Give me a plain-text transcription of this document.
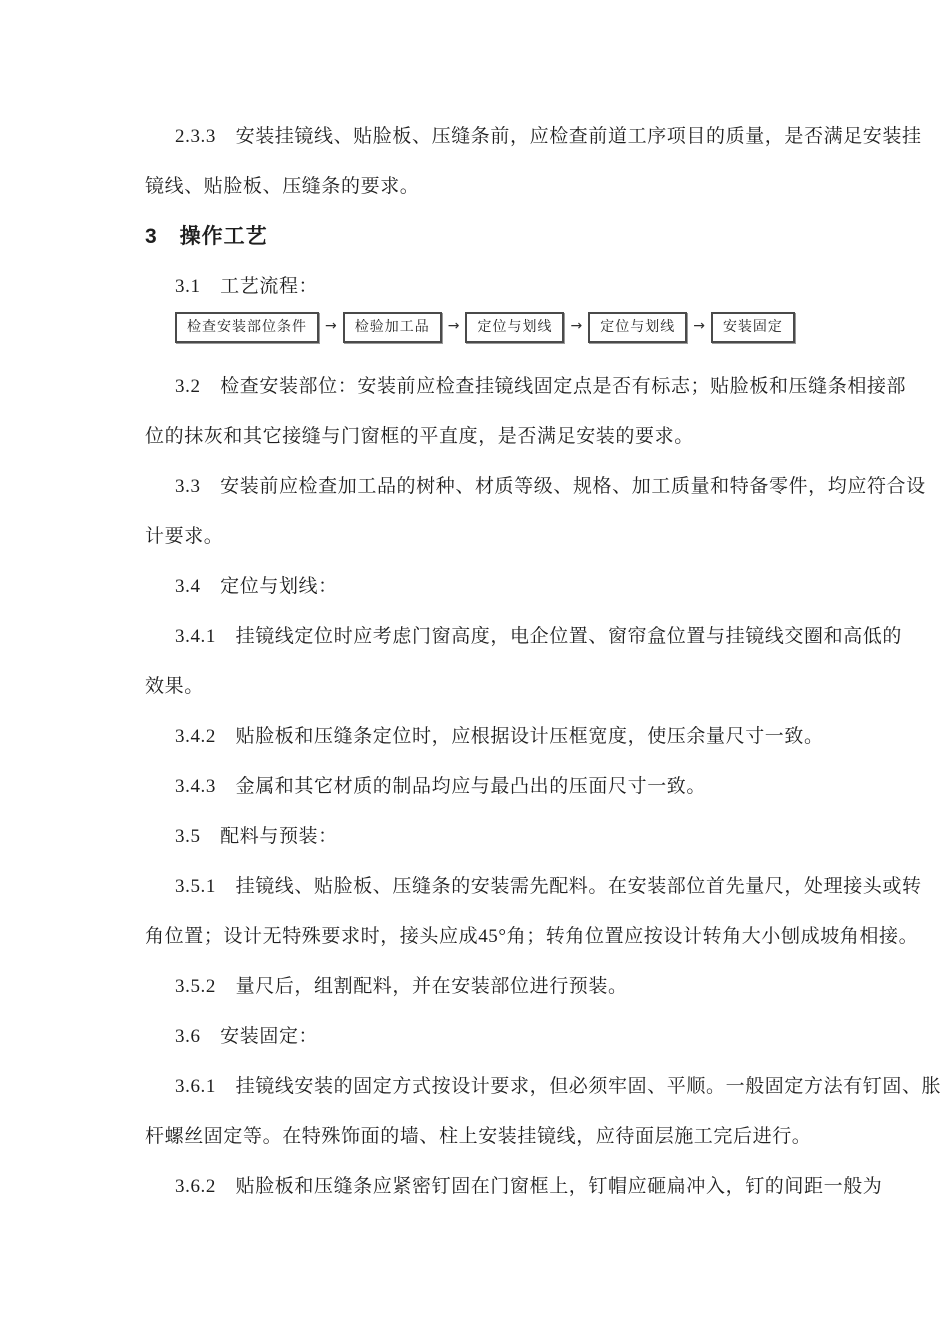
2.3.3　安装挂镜线、贴脸板、压缝条前，应检查前道工序项目的质量，是否满足安装挂
镜线、贴脸板、压缝条的要求。
3　操作工艺
3.1　工艺流程：
检查安装部位条件	→	检验加工品	→	定位与划线	→	定位与划线	→	安装固定
3.2　检查安装部位：安装前应检查挂镜线固定点是否有标志；贴脸板和压缝条相接部
位的抹灰和其它接缝与门窗框的平直度，是否满足安装的要求。
3.3　安装前应检查加工品的树种、材质等级、规格、加工质量和特备零件，均应符合设
计要求。
3.4　定位与划线：
3.4.1　挂镜线定位时应考虑门窗高度，电企位置、窗帘盒位置与挂镜线交圈和高低的
效果。
3.4.2　贴脸板和压缝条定位时，应根据设计压框宽度，使压余量尺寸一致。
3.4.3　金属和其它材质的制品均应与最凸出的压面尺寸一致。
3.5　配料与预装：
3.5.1　挂镜线、贴脸板、压缝条的安装需先配料。在安装部位首先量尺，处理接头或转
角位置；设计无特殊要求时，接头应成45°角；转角位置应按设计转角大小刨成坡角相接。
3.5.2　量尺后，组割配料，并在安装部位进行预装。
3.6　安装固定：
3.6.1　挂镜线安装的固定方式按设计要求，但必须牢固、平顺。一般固定方法有钉固、胀
杆螺丝固定等。在特殊饰面的墙、柱上安装挂镜线，应待面层施工完后进行。
3.6.2　贴脸板和压缝条应紧密钉固在门窗框上，钉帽应砸扁冲入，钉的间距一般为
